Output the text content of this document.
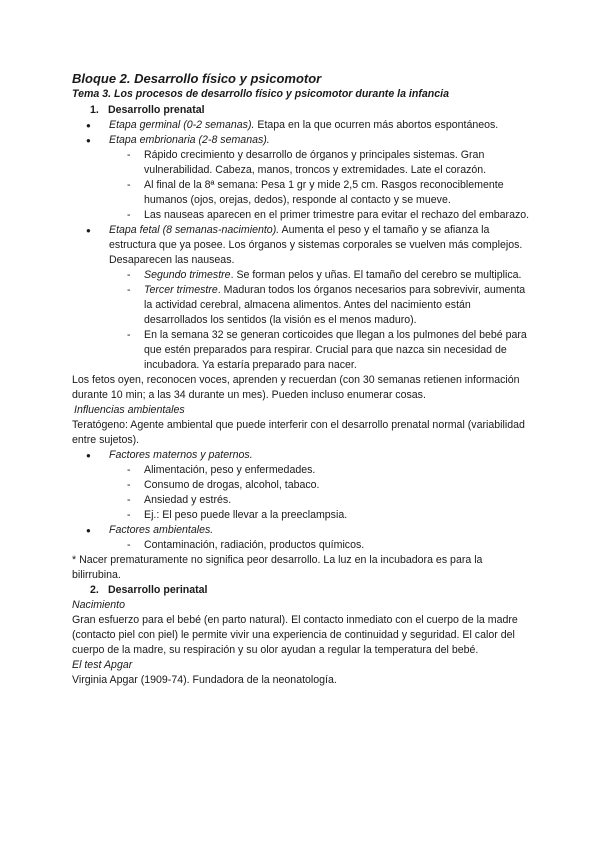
Bloque 2. Desarrollo físico y psicomotor
Tema 3. Los procesos de desarrollo físico y psicomotor durante la infancia
1. Desarrollo prenatal
● Etapa germinal (0-2 semanas). Etapa en la que ocurren más abortos espontáneos.
● Etapa embrionaria (2-8 semanas).
- Rápido crecimiento y desarrollo de órganos y principales sistemas. Gran vulnerabilidad. Cabeza, manos, troncos y extremidades. Late el corazón.
- Al final de la 8ª semana: Pesa 1 gr y mide 2,5 cm. Rasgos reconociblemente humanos (ojos, orejas, dedos), responde al contacto y se mueve.
- Las nauseas aparecen en el primer trimestre para evitar el rechazo del embarazo.
● Etapa fetal (8 semanas-nacimiento). Aumenta el peso y el tamaño y se afianza la estructura que ya posee. Los órganos y sistemas corporales se vuelven más complejos. Desaparecen las nauseas.
- Segundo trimestre. Se forman pelos y uñas. El tamaño del cerebro se multiplica.
- Tercer trimestre. Maduran todos los órganos necesarios para sobrevivir, aumenta la actividad cerebral, almacena alimentos. Antes del nacimiento están desarrollados los sentidos (la visión es el menos maduro).
- En la semana 32 se generan corticoides que llegan a los pulmones del bebé para que estén preparados para respirar. Crucial para que nazca sin necesidad de incubadora. Ya estaría preparado para nacer.

Los fetos oyen, reconocen voces, aprenden y recuerdan (con 30 semanas retienen información durante 10 min; a las 34 durante un mes). Pueden incluso enumerar cosas.

Influencias ambientales

Teratógeno: Agente ambiental que puede interferir con el desarrollo prenatal normal (variabilidad entre sujetos).

● Factores maternos y paternos.
- Alimentación, peso y enfermedades.
- Consumo de drogas, alcohol, tabaco.
- Ansiedad y estrés.
- Ej.: El peso puede llevar a la preeclampsia.
● Factores ambientales.
- Contaminación, radiación, productos químicos.

* Nacer prematuramente no significa peor desarrollo. La luz en la incubadora es para la bilirrubina.

2. Desarrollo perinatal

Nacimiento

Gran esfuerzo para el bebé (en parto natural). El contacto inmediato con el cuerpo de la madre (contacto piel con piel) le permite vivir una experiencia de continuidad y seguridad. El calor del cuerpo de la madre, su respiración y su olor ayudan a regular la temperatura del bebé.

El test Apgar

Virginia Apgar (1909-74). Fundadora de la neonatología.
